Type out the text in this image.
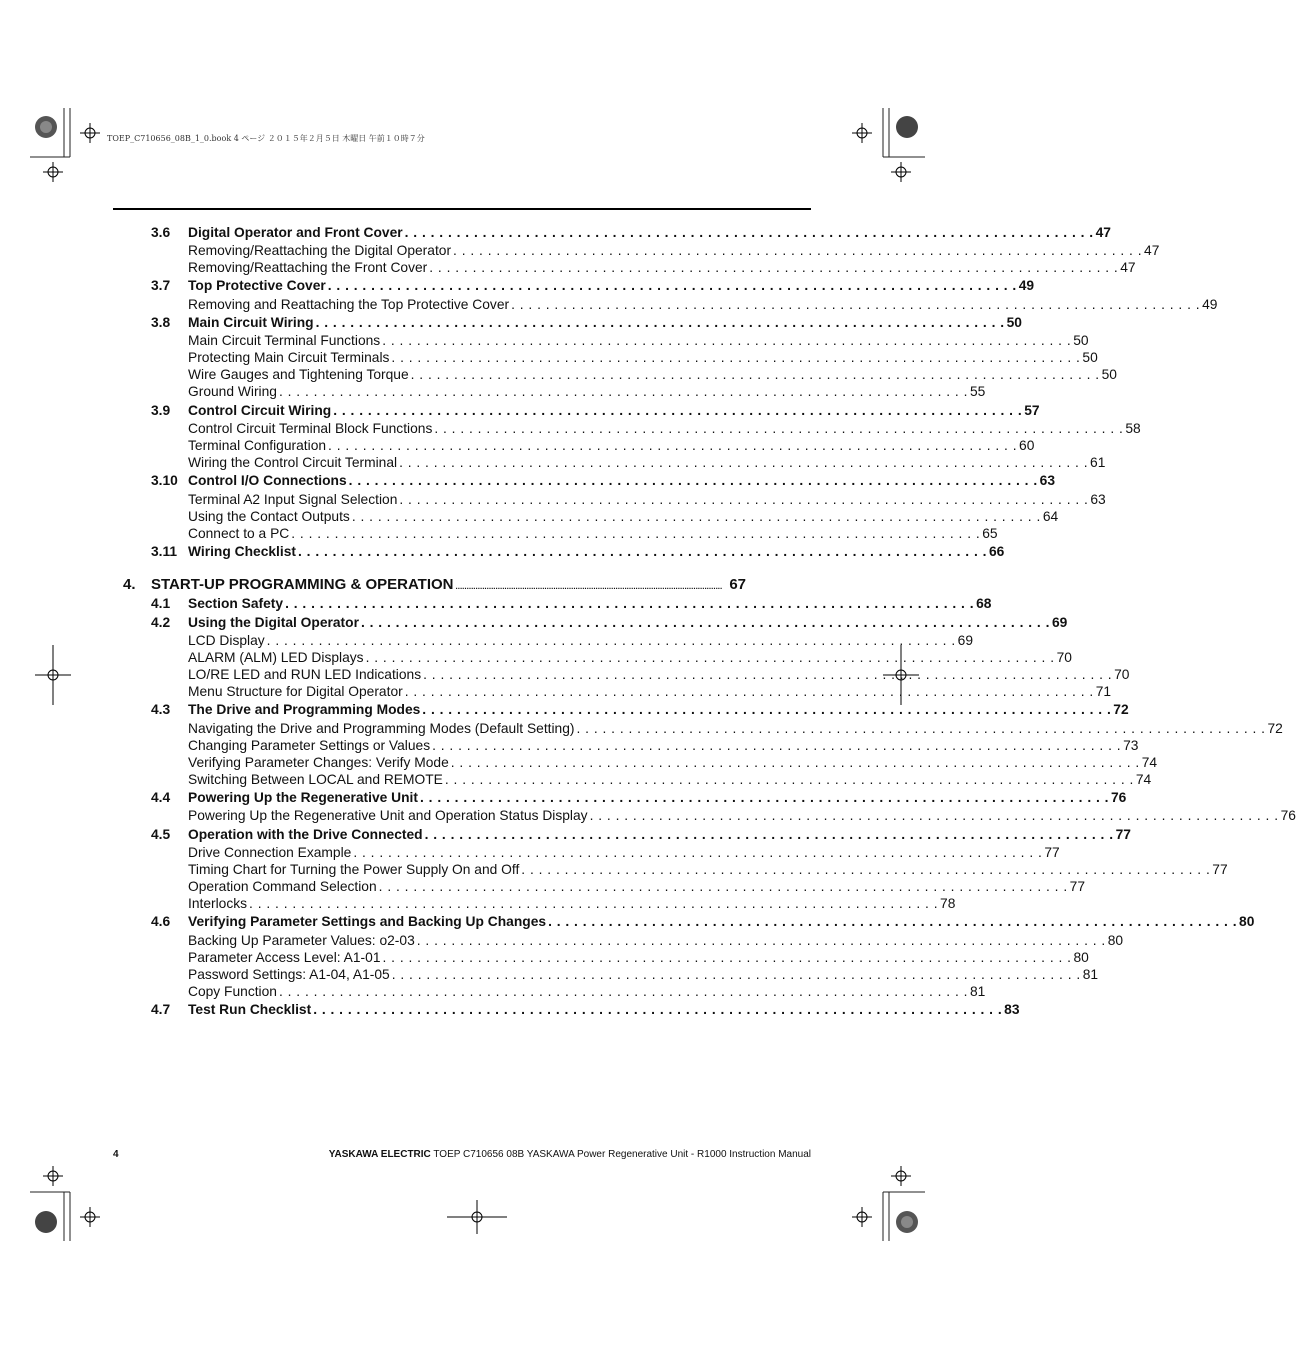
TOEP_C710656_08B_1_0.book 4 ページ ２０１５年２月５日 木曜日 午前１０時７分
3.6 Digital Operator and Front Cover . . . . . . . . . . . . . . . . . . . . . . . . . . . . . . . . . . . . . . . . . . . . . . . . . . . . . . . . . . . . . . . . . . . . . . . . . . . . . . . . 47
Removing/Reattaching the Digital Operator . . . . . . . . . . . . . . . . . . . . . . . . . . . . . . . . . . . . . . . . . . . . . . . . . . . . . . . . . . . . . . . . . . . . . . . . . . . . . . . . 47
Removing/Reattaching the Front Cover . . . . . . . . . . . . . . . . . . . . . . . . . . . . . . . . . . . . . . . . . . . . . . . . . . . . . . . . . . . . . . . . . . . . . . . . . . . . . . . . 47
3.7 Top Protective Cover . . . . . . . . . . . . . . . . . . . . . . . . . . . . . . . . . . . . . . . . . . . . . . . . . . . . . . . . . . . . . . . . . . . . . . . . . . . . . . . . 49
Removing and Reattaching the Top Protective Cover . . . . . . . . . . . . . . . . . . . . . . . . . . . . . . . . . . . . . . . . . . . . . . . . . . . . . . . . . . . . . . . . . . . . . . . . . . . . . . . . 49
3.8 Main Circuit Wiring . . . . . . . . . . . . . . . . . . . . . . . . . . . . . . . . . . . . . . . . . . . . . . . . . . . . . . . . . . . . . . . . . . . . . . . . . . . . . . . . 50
Main Circuit Terminal Functions . . . . . . . . . . . . . . . . . . . . . . . . . . . . . . . . . . . . . . . . . . . . . . . . . . . . . . . . . . . . . . . . . . . . . . . . . . . . . . . . 50
Protecting Main Circuit Terminals . . . . . . . . . . . . . . . . . . . . . . . . . . . . . . . . . . . . . . . . . . . . . . . . . . . . . . . . . . . . . . . . . . . . . . . . . . . . . . . . 50
Wire Gauges and Tightening Torque . . . . . . . . . . . . . . . . . . . . . . . . . . . . . . . . . . . . . . . . . . . . . . . . . . . . . . . . . . . . . . . . . . . . . . . . . . . . . . . . 50
Ground Wiring . . . . . . . . . . . . . . . . . . . . . . . . . . . . . . . . . . . . . . . . . . . . . . . . . . . . . . . . . . . . . . . . . . . . . . . . . . . . . . . . 55
3.9 Control Circuit Wiring . . . . . . . . . . . . . . . . . . . . . . . . . . . . . . . . . . . . . . . . . . . . . . . . . . . . . . . . . . . . . . . . . . . . . . . . . . . . . . . . 57
Control Circuit Terminal Block Functions . . . . . . . . . . . . . . . . . . . . . . . . . . . . . . . . . . . . . . . . . . . . . . . . . . . . . . . . . . . . . . . . . . . . . . . . . . . . . . . . 58
Terminal Configuration . . . . . . . . . . . . . . . . . . . . . . . . . . . . . . . . . . . . . . . . . . . . . . . . . . . . . . . . . . . . . . . . . . . . . . . . . . . . . . . . 60
Wiring the Control Circuit Terminal . . . . . . . . . . . . . . . . . . . . . . . . . . . . . . . . . . . . . . . . . . . . . . . . . . . . . . . . . . . . . . . . . . . . . . . . . . . . . . . . 61
3.10 Control I/O Connections . . . . . . . . . . . . . . . . . . . . . . . . . . . . . . . . . . . . . . . . . . . . . . . . . . . . . . . . . . . . . . . . . . . . . . . . . . . . . . . . 63
Terminal A2 Input Signal Selection . . . . . . . . . . . . . . . . . . . . . . . . . . . . . . . . . . . . . . . . . . . . . . . . . . . . . . . . . . . . . . . . . . . . . . . . . . . . . . . . 63
Using the Contact Outputs . . . . . . . . . . . . . . . . . . . . . . . . . . . . . . . . . . . . . . . . . . . . . . . . . . . . . . . . . . . . . . . . . . . . . . . . . . . . . . . . 64
Connect to a PC . . . . . . . . . . . . . . . . . . . . . . . . . . . . . . . . . . . . . . . . . . . . . . . . . . . . . . . . . . . . . . . . . . . . . . . . . . . . . . . . 65
3.11 Wiring Checklist . . . . . . . . . . . . . . . . . . . . . . . . . . . . . . . . . . . . . . . . . . . . . . . . . . . . . . . . . . . . . . . . . . . . . . . . . . . . . . . . 66
4. START-UP PROGRAMMING & OPERATION ........................................................................................................................ 67
4.1 Section Safety . . . . . . . . . . . . . . . . . . . . . . . . . . . . . . . . . . . . . . . . . . . . . . . . . . . . . . . . . . . . . . . . . . . . . . . . . . . . . . . . 68
4.2 Using the Digital Operator . . . . . . . . . . . . . . . . . . . . . . . . . . . . . . . . . . . . . . . . . . . . . . . . . . . . . . . . . . . . . . . . . . . . . . . . . . . . . . . . 69
LCD Display . . . . . . . . . . . . . . . . . . . . . . . . . . . . . . . . . . . . . . . . . . . . . . . . . . . . . . . . . . . . . . . . . . . . . . . . . . . . . . . . 69
ALARM (ALM) LED Displays . . . . . . . . . . . . . . . . . . . . . . . . . . . . . . . . . . . . . . . . . . . . . . . . . . . . . . . . . . . . . . . . . . . . . . . . . . . . . . . . 70
LO/RE LED and RUN LED Indications . . . . . . . . . . . . . . . . . . . . . . . . . . . . . . . . . . . . . . . . . . . . . . . . . . . . . . . . . . . . . . . . . . . . . . . . . . . . . . . . 70
Menu Structure for Digital Operator . . . . . . . . . . . . . . . . . . . . . . . . . . . . . . . . . . . . . . . . . . . . . . . . . . . . . . . . . . . . . . . . . . . . . . . . . . . . . . . . 71
4.3 The Drive and Programming Modes . . . . . . . . . . . . . . . . . . . . . . . . . . . . . . . . . . . . . . . . . . . . . . . . . . . . . . . . . . . . . . . . . . . . . . . . . . . . . . . . 72
Navigating the Drive and Programming Modes (Default Setting) . . . . . . . . . . . . . . . . . . . . . . . . . . . . . . . . . . . . . . . . . . . . . . . . . . . . . . . . . . . . . . . . . . . . . . . . . . . . . . . . 72
Changing Parameter Settings or Values . . . . . . . . . . . . . . . . . . . . . . . . . . . . . . . . . . . . . . . . . . . . . . . . . . . . . . . . . . . . . . . . . . . . . . . . . . . . . . . . 73
Verifying Parameter Changes: Verify Mode . . . . . . . . . . . . . . . . . . . . . . . . . . . . . . . . . . . . . . . . . . . . . . . . . . . . . . . . . . . . . . . . . . . . . . . . . . . . . . . . 74
Switching Between LOCAL and REMOTE . . . . . . . . . . . . . . . . . . . . . . . . . . . . . . . . . . . . . . . . . . . . . . . . . . . . . . . . . . . . . . . . . . . . . . . . . . . . . . . . 74
4.4 Powering Up the Regenerative Unit . . . . . . . . . . . . . . . . . . . . . . . . . . . . . . . . . . . . . . . . . . . . . . . . . . . . . . . . . . . . . . . . . . . . . . . . . . . . . . . . 76
Powering Up the Regenerative Unit and Operation Status Display . . . . . . . . . . . . . . . . . . . . . . . . . . . . . . . . . . . . . . . . . . . . . . . . . . . . . . . . . . . . . . . . . . . . . . . . . . . . . . . . 76
4.5 Operation with the Drive Connected . . . . . . . . . . . . . . . . . . . . . . . . . . . . . . . . . . . . . . . . . . . . . . . . . . . . . . . . . . . . . . . . . . . . . . . . . . . . . . . . 77
Drive Connection Example . . . . . . . . . . . . . . . . . . . . . . . . . . . . . . . . . . . . . . . . . . . . . . . . . . . . . . . . . . . . . . . . . . . . . . . . . . . . . . . . 77
Timing Chart for Turning the Power Supply On and Off . . . . . . . . . . . . . . . . . . . . . . . . . . . . . . . . . . . . . . . . . . . . . . . . . . . . . . . . . . . . . . . . . . . . . . . . . . . . . . . . 77
Operation Command Selection . . . . . . . . . . . . . . . . . . . . . . . . . . . . . . . . . . . . . . . . . . . . . . . . . . . . . . . . . . . . . . . . . . . . . . . . . . . . . . . . 77
Interlocks . . . . . . . . . . . . . . . . . . . . . . . . . . . . . . . . . . . . . . . . . . . . . . . . . . . . . . . . . . . . . . . . . . . . . . . . . . . . . . . . 78
4.6 Verifying Parameter Settings and Backing Up Changes . . . . . . . . . . . . . . . . . . . . . . . . . . . . . . . . . . . . . . . . . . . . . . . . . . . . . . . . . . . . . . . . . . . . . . . . . . . . . . . . 80
Backing Up Parameter Values: o2-03 . . . . . . . . . . . . . . . . . . . . . . . . . . . . . . . . . . . . . . . . . . . . . . . . . . . . . . . . . . . . . . . . . . . . . . . . . . . . . . . . 80
Parameter Access Level: A1-01 . . . . . . . . . . . . . . . . . . . . . . . . . . . . . . . . . . . . . . . . . . . . . . . . . . . . . . . . . . . . . . . . . . . . . . . . . . . . . . . . 80
Password Settings: A1-04, A1-05 . . . . . . . . . . . . . . . . . . . . . . . . . . . . . . . . . . . . . . . . . . . . . . . . . . . . . . . . . . . . . . . . . . . . . . . . . . . . . . . . 81
Copy Function . . . . . . . . . . . . . . . . . . . . . . . . . . . . . . . . . . . . . . . . . . . . . . . . . . . . . . . . . . . . . . . . . . . . . . . . . . . . . . . . 81
4.7 Test Run Checklist . . . . . . . . . . . . . . . . . . . . . . . . . . . . . . . . . . . . . . . . . . . . . . . . . . . . . . . . . . . . . . . . . . . . . . . . . . . . . . . . 83
4	YASKAWA ELECTRIC TOEP C710656 08B YASKAWA Power Regenerative Unit - R1000 Instruction Manual
